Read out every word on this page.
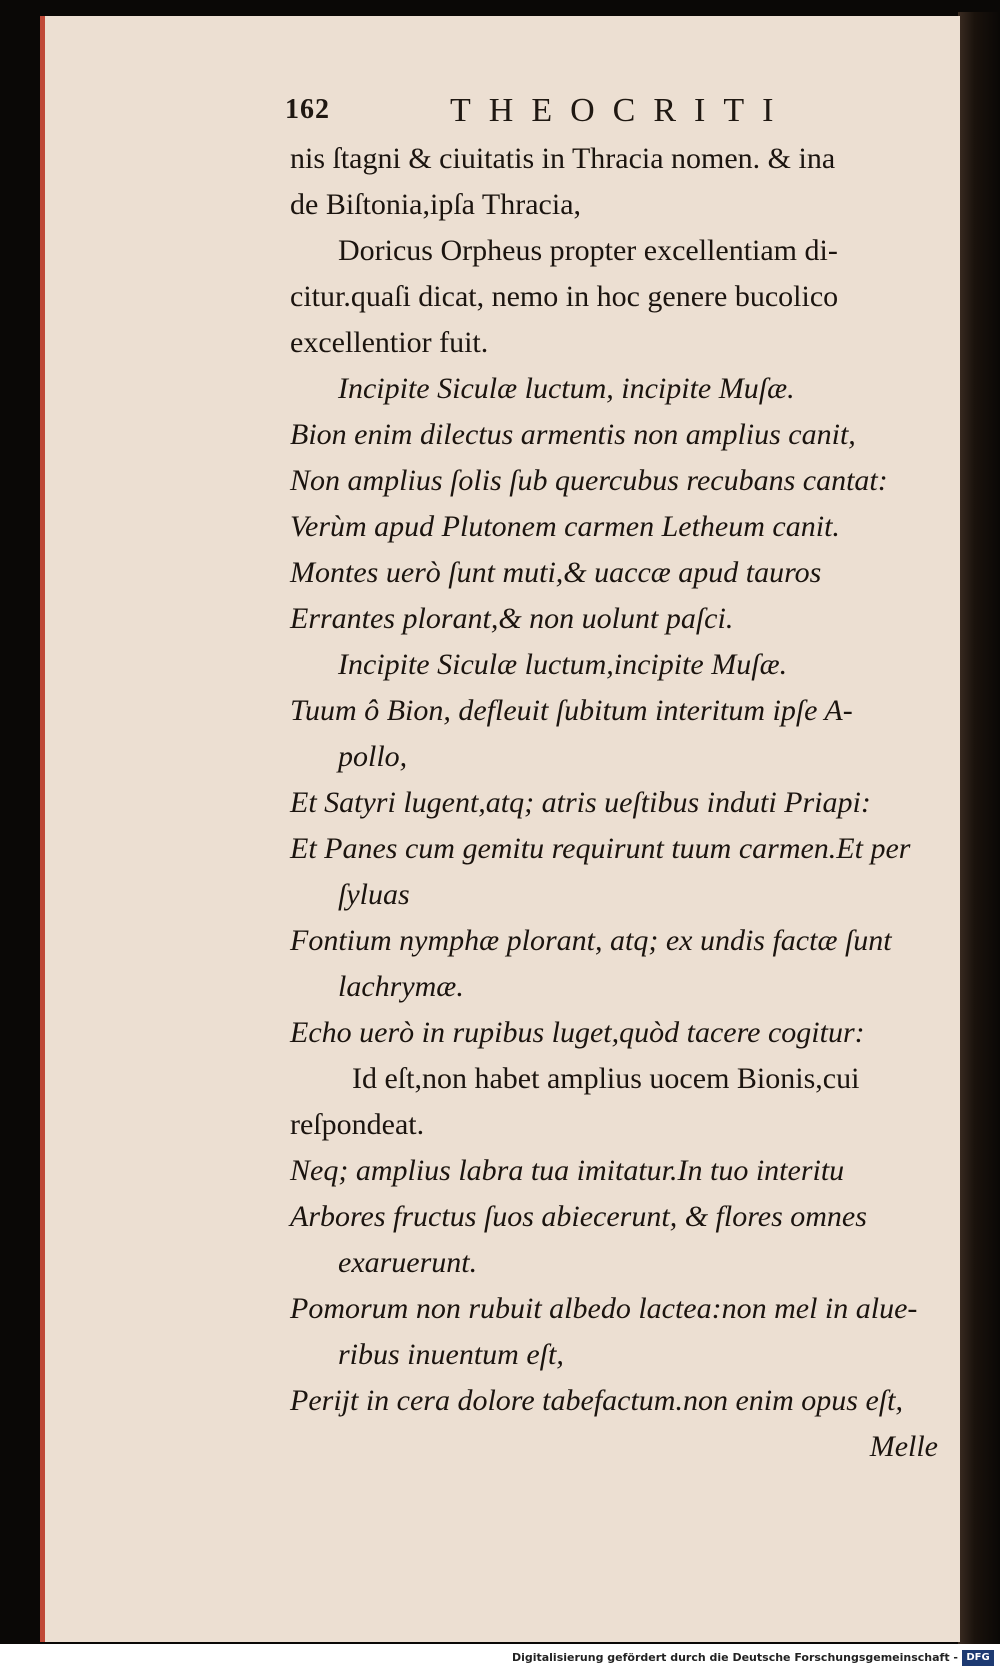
162	THEOCRITI
nis ſtagni & ciuitatis in Thracia nomen. & ina
de Biſtonia,ipſa Thracia,
Doricus Orpheus propter excellentiam di-
citur.quaſi dicat, nemo in hoc genere bucolico
excellentior fuit.
Incipite Siculæ luctum, incipite Muſæ.
Bion enim dilectus armentis non amplius canit,
Non amplius ſolis ſub quercubus recubans cantat:
Verùm apud Plutonem carmen Letheum canit.
Montes uerò ſunt muti,& uaccæ apud tauros
Errantes plorant,& non uolunt paſci.
Incipite Siculæ luctum,incipite Muſæ.
Tuum ô Bion, defleuit ſubitum interitum ipſe A-
pollo,
Et Satyri lugent,atq; atris ueſtibus induti Priapi:
Et Panes cum gemitu requirunt tuum carmen.Et per
ſyluas
Fontium nymphæ plorant, atq; ex undis factæ ſunt
lachrymæ.
Echo uerò in rupibus luget,quòd tacere cogitur:
Id eſt,non habet amplius uocem Bionis,cui
reſpondeat.
Neq; amplius labra tua imitatur.In tuo interitu
Arbores fructus ſuos abiecerunt, & flores omnes
exaruerunt.
Pomorum non rubuit albedo lactea:non mel in alue‑
ribus inuentum eſt,
Perijt in cera dolore tabefactum.non enim opus eſt,
Melle
Digitalisierung gefördert durch die Deutsche Forschungsgemeinschaft - DFG
